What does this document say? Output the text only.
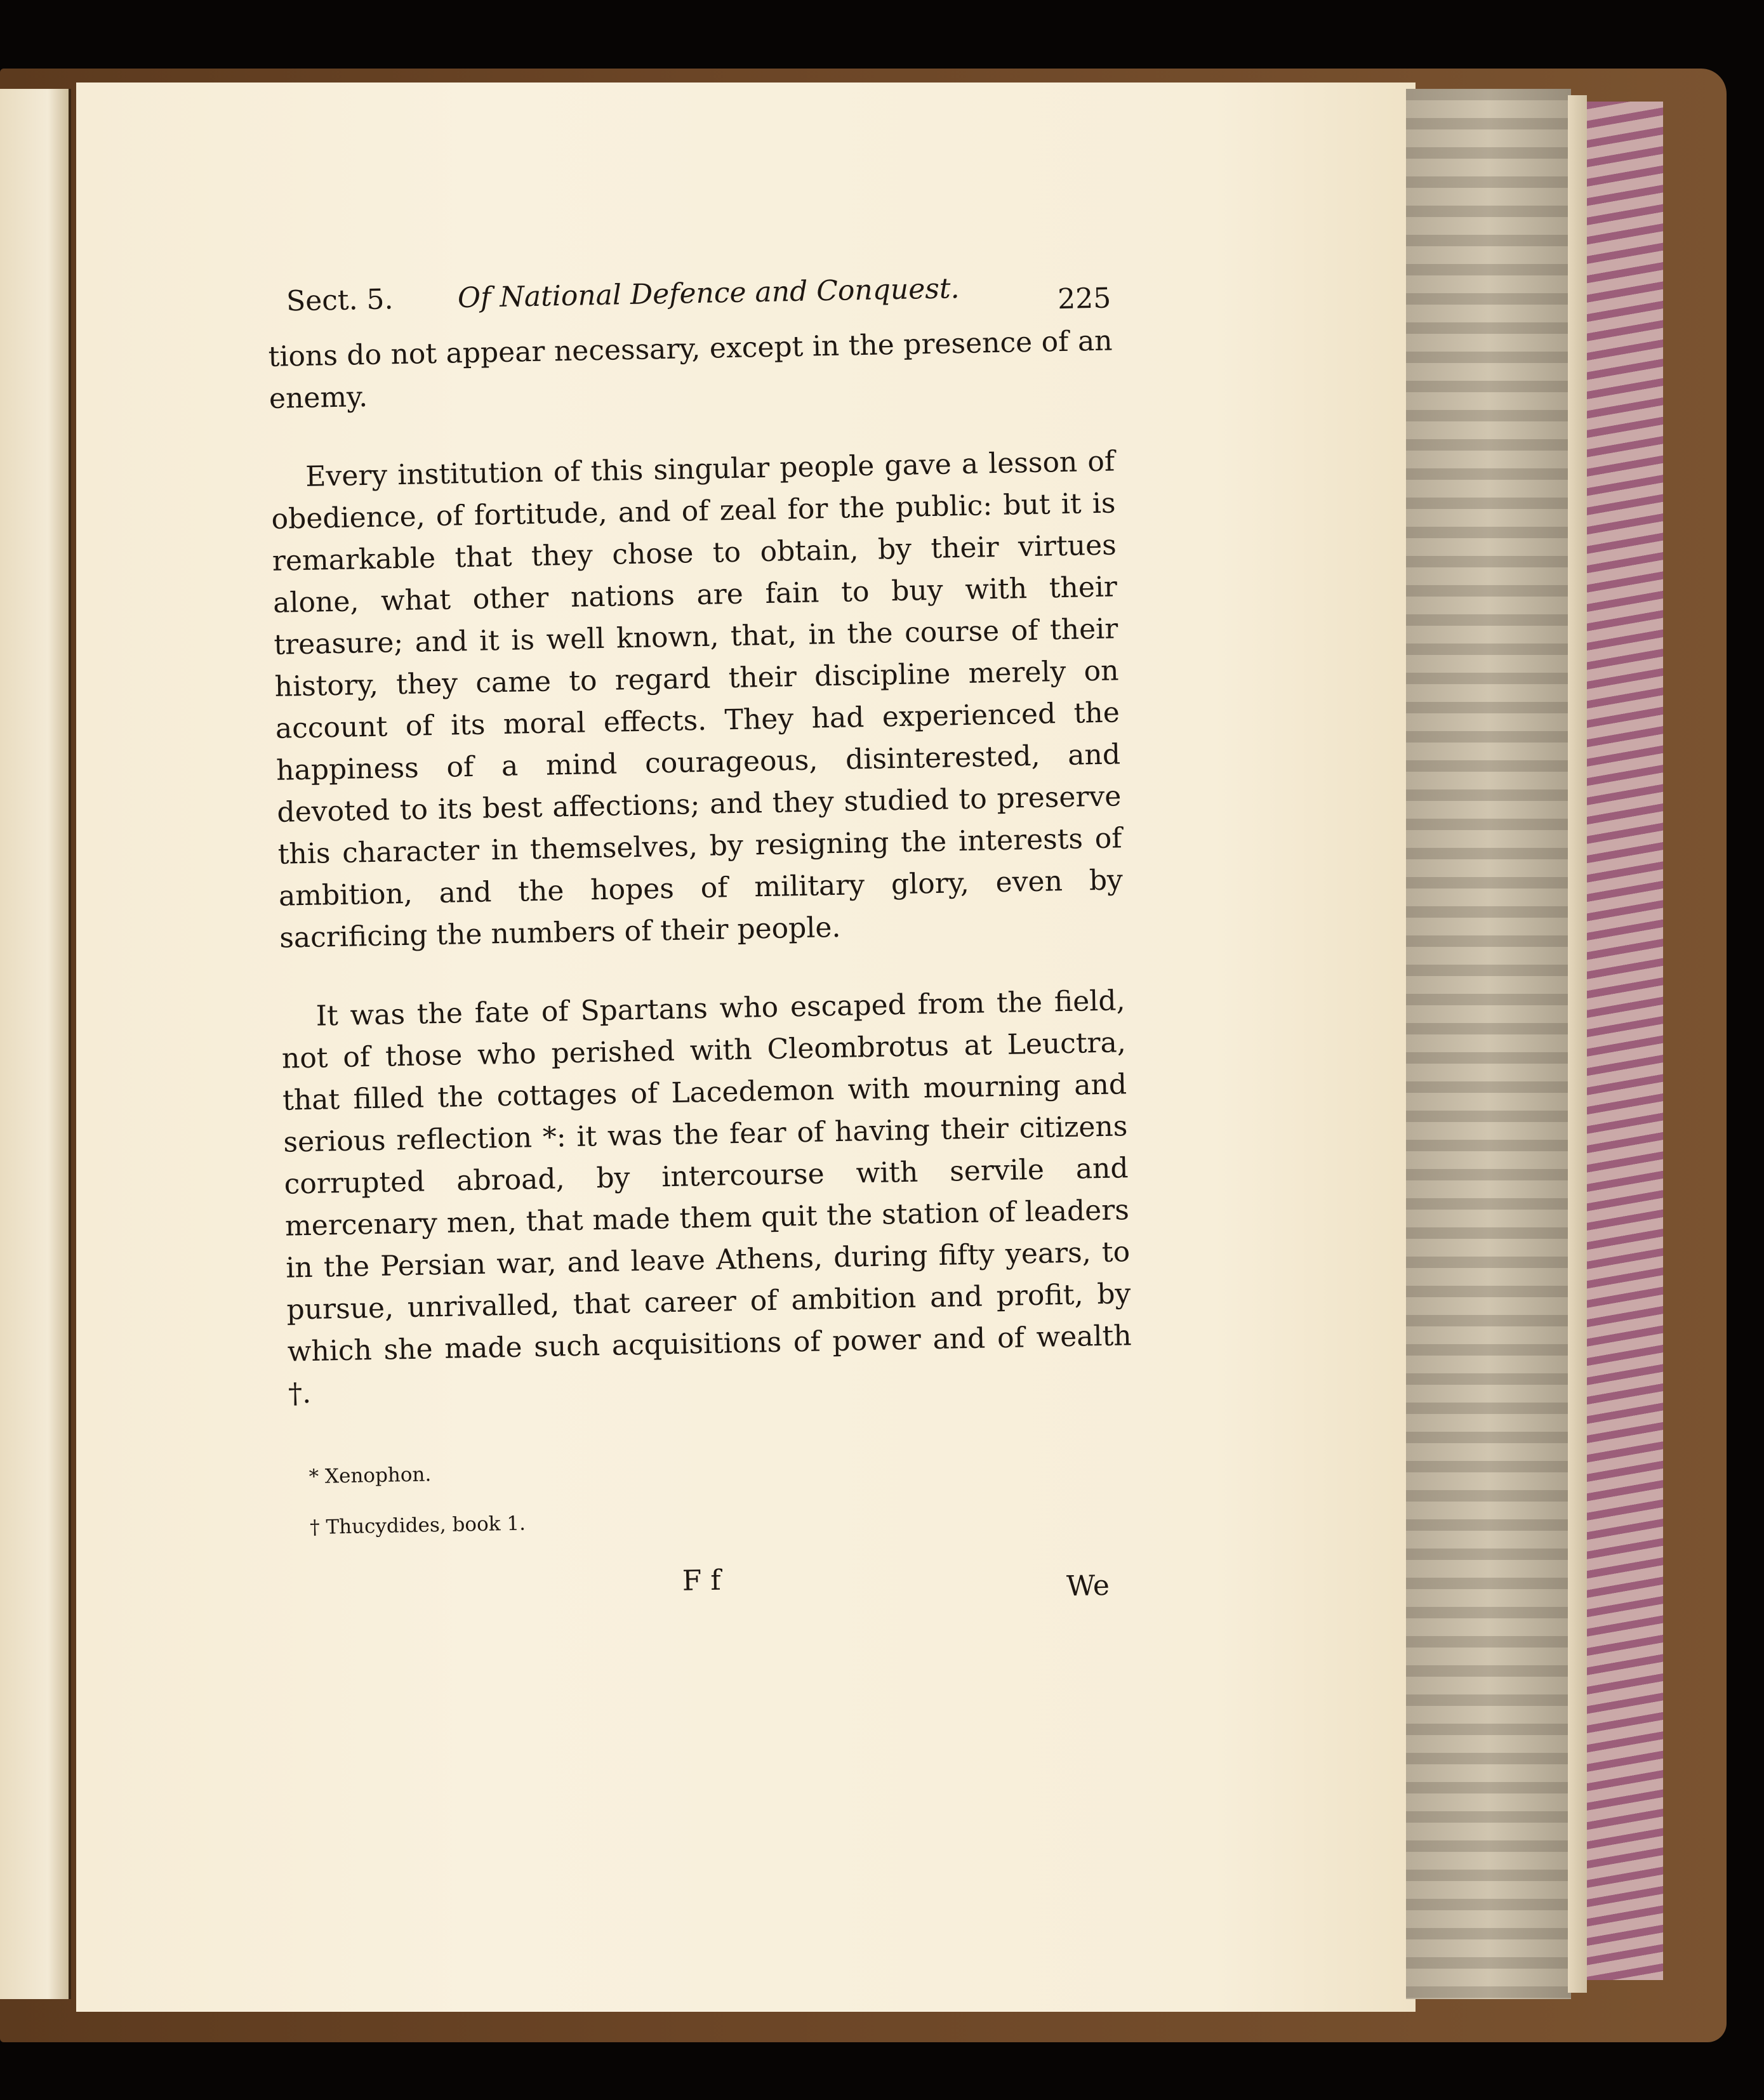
Sect. 5. Of National Defence and Conquest.	225

tions do not appear necessary, except in the presence of an enemy.

Every institution of this singular people gave a lesson of obedience, of fortitude, and of zeal for the public: but it is remarkable that they chose to obtain, by their virtues alone, what other nations are fain to buy with their treasure; and it is well known, that, in the course of their history, they came to regard their discipline merely on account of its moral effects. They had experienced the happiness of a mind courageous, disinterested, and devoted to its best affections; and they studied to preserve this character in themselves, by resigning the interests of ambition, and the hopes of military glory, even by sacrificing the numbers of their people.

It was the fate of Spartans who escaped from the field, not of those who perished with Cleombrotus at Leuctra, that filled the cottages of Lacedemon with mourning and serious reflection *: it was the fear of having their citizens corrupted abroad, by intercourse with servile and mercenary men, that made them quit the station of leaders in the Persian war, and leave Athens, during fifty years, to pursue, unrivalled, that career of ambition and profit, by which she made such acquisitions of power and of wealth †.

* Xenophon.
† Thucydides, book 1.
F f	We
